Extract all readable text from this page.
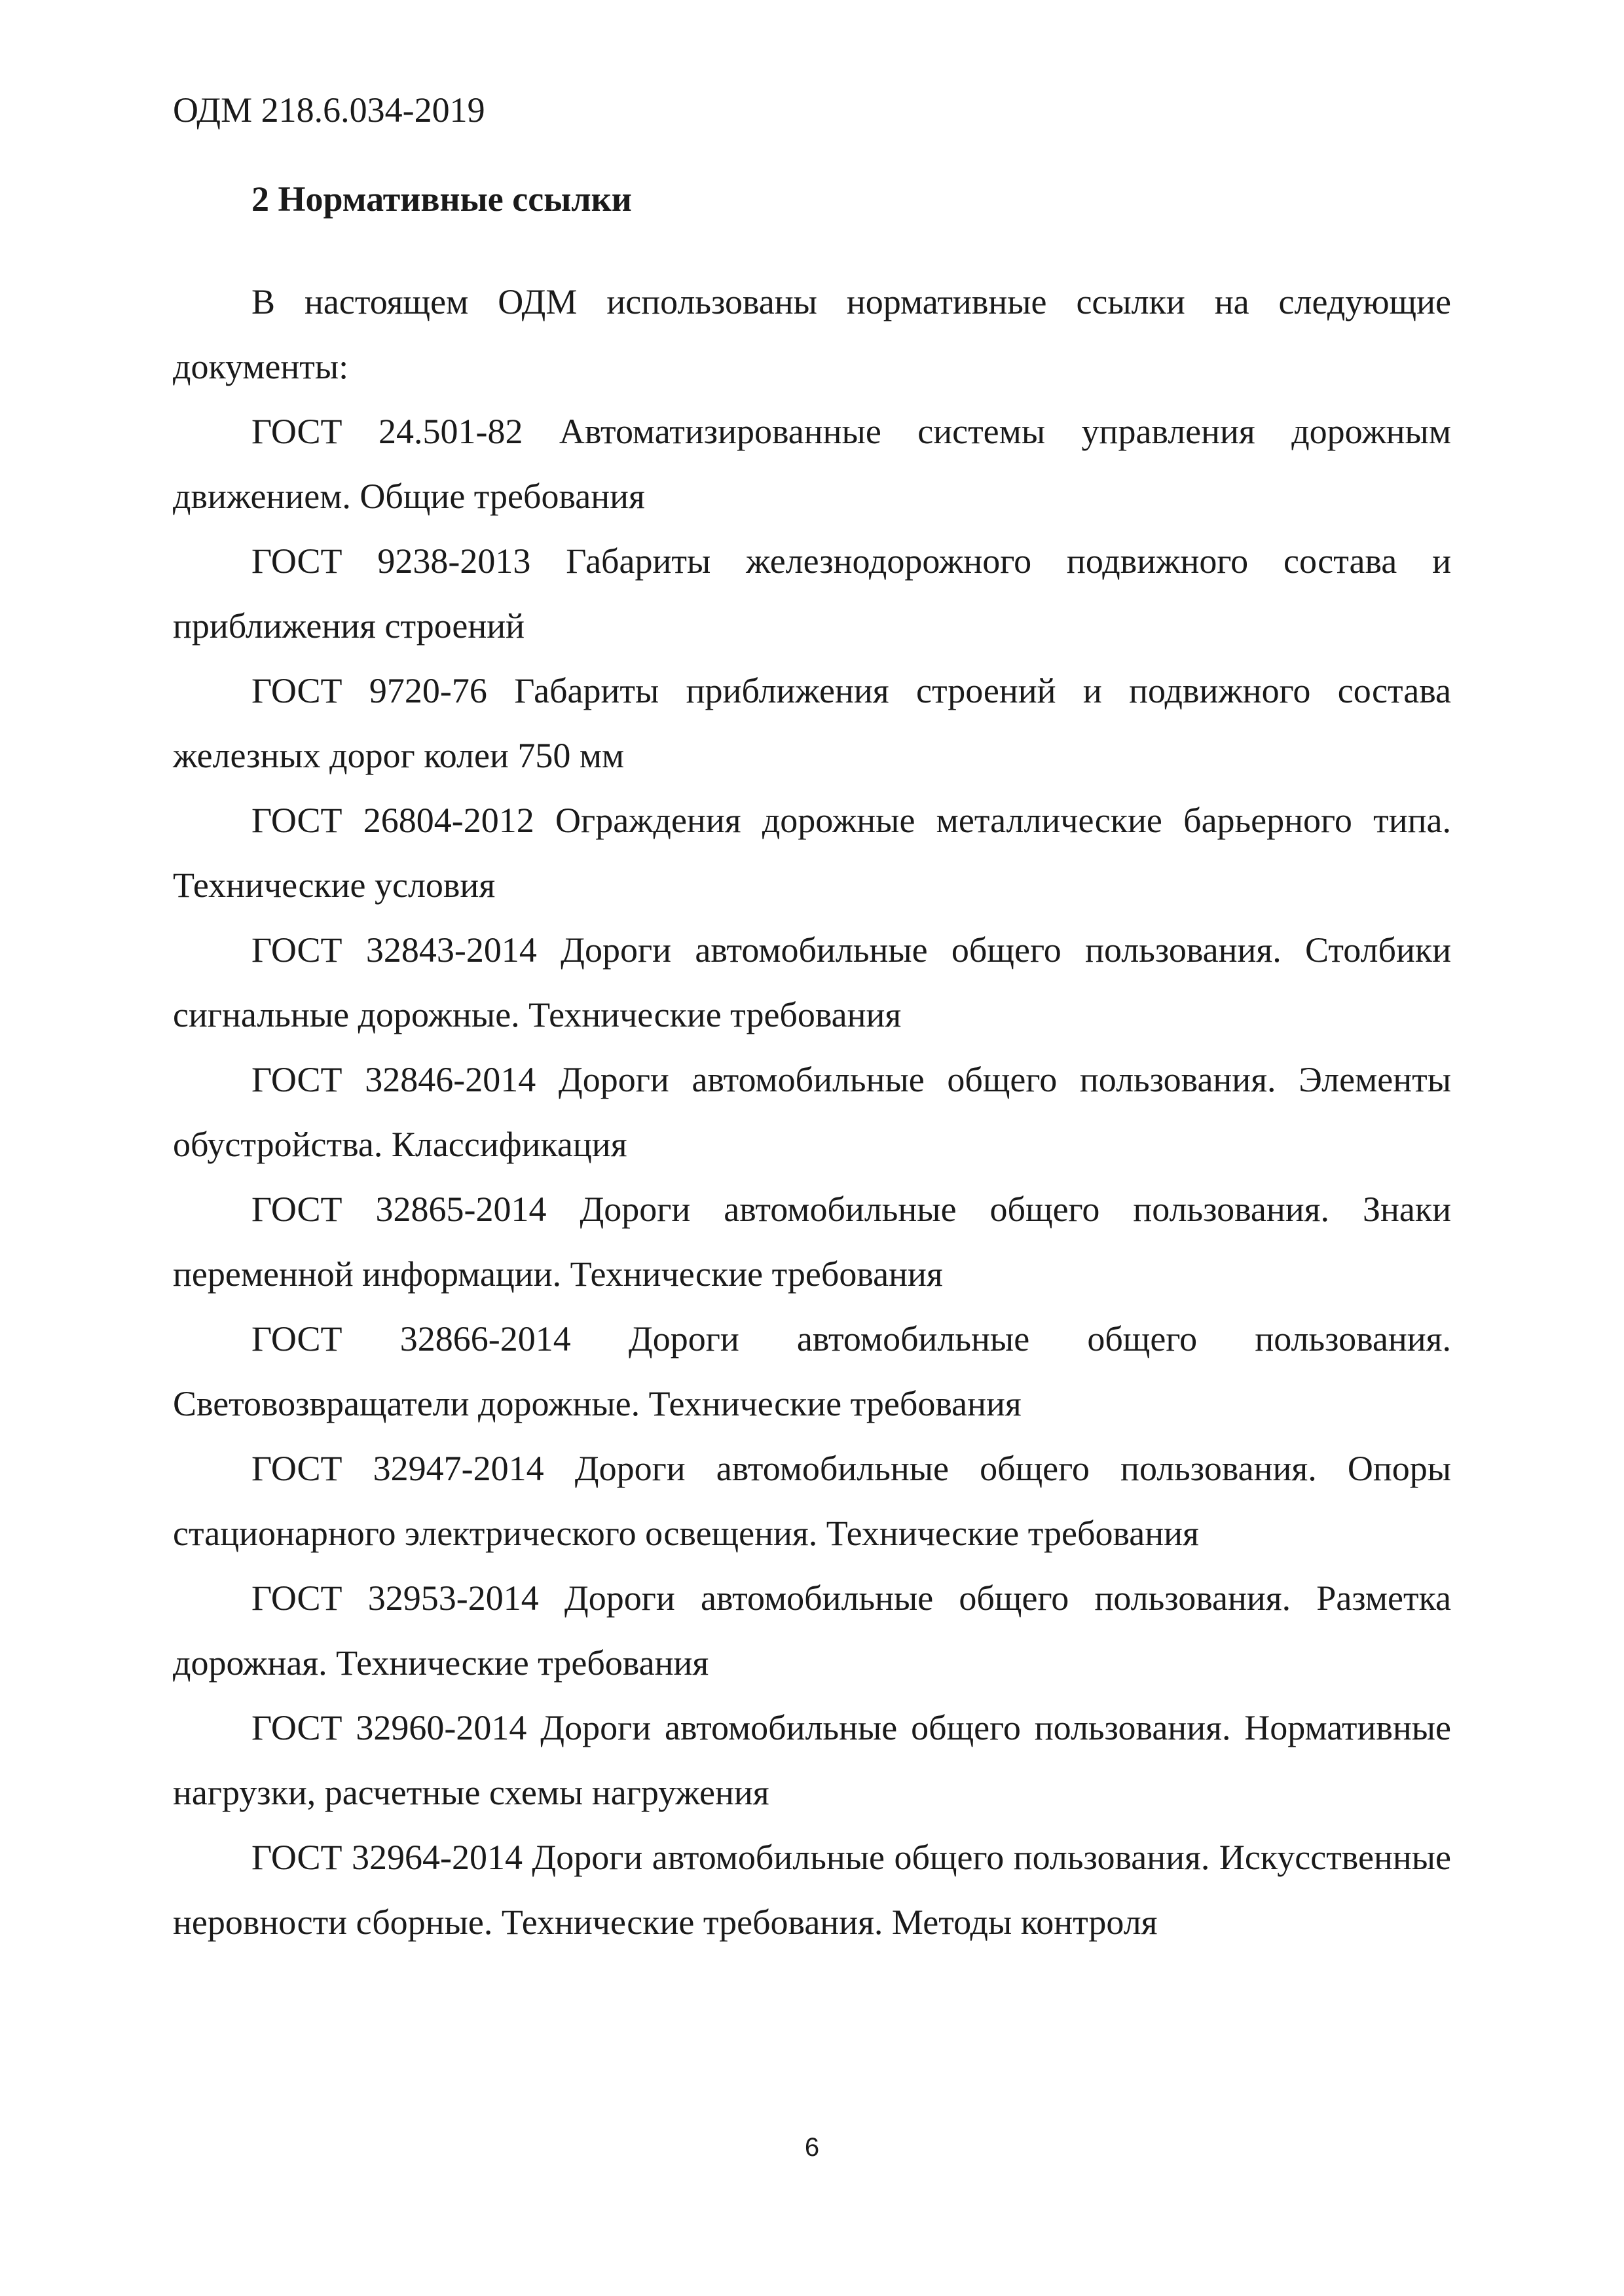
ОДМ 218.6.034-2019
2 Нормативные ссылки

В настоящем ОДМ использованы нормативные ссылки на следующие документы:

ГОСТ 24.501-82 Автоматизированные системы управления дорожным движением. Общие требования

ГОСТ 9238-2013 Габариты железнодорожного подвижного состава и приближения строений

ГОСТ 9720-76 Габариты приближения строений и подвижного состава железных дорог колеи 750 мм

ГОСТ 26804-2012 Ограждения дорожные металлические барьерного типа. Технические условия

ГОСТ 32843-2014 Дороги автомобильные общего пользования. Столбики сигнальные дорожные. Технические требования

ГОСТ 32846-2014 Дороги автомобильные общего пользования. Элементы обустройства. Классификация

ГОСТ 32865-2014 Дороги автомобильные общего пользования. Знаки переменной информации. Технические требования

ГОСТ 32866-2014 Дороги автомобильные общего пользования. Световозвращатели дорожные. Технические требования

ГОСТ 32947-2014 Дороги автомобильные общего пользования. Опоры стационарного электрического освещения. Технические требования

ГОСТ 32953-2014 Дороги автомобильные общего пользования. Разметка дорожная. Технические требования

ГОСТ 32960-2014 Дороги автомобильные общего пользования. Нормативные нагрузки, расчетные схемы нагружения

ГОСТ 32964-2014 Дороги автомобильные общего пользования. Искусственные неровности сборные. Технические требования. Методы контроля

6
